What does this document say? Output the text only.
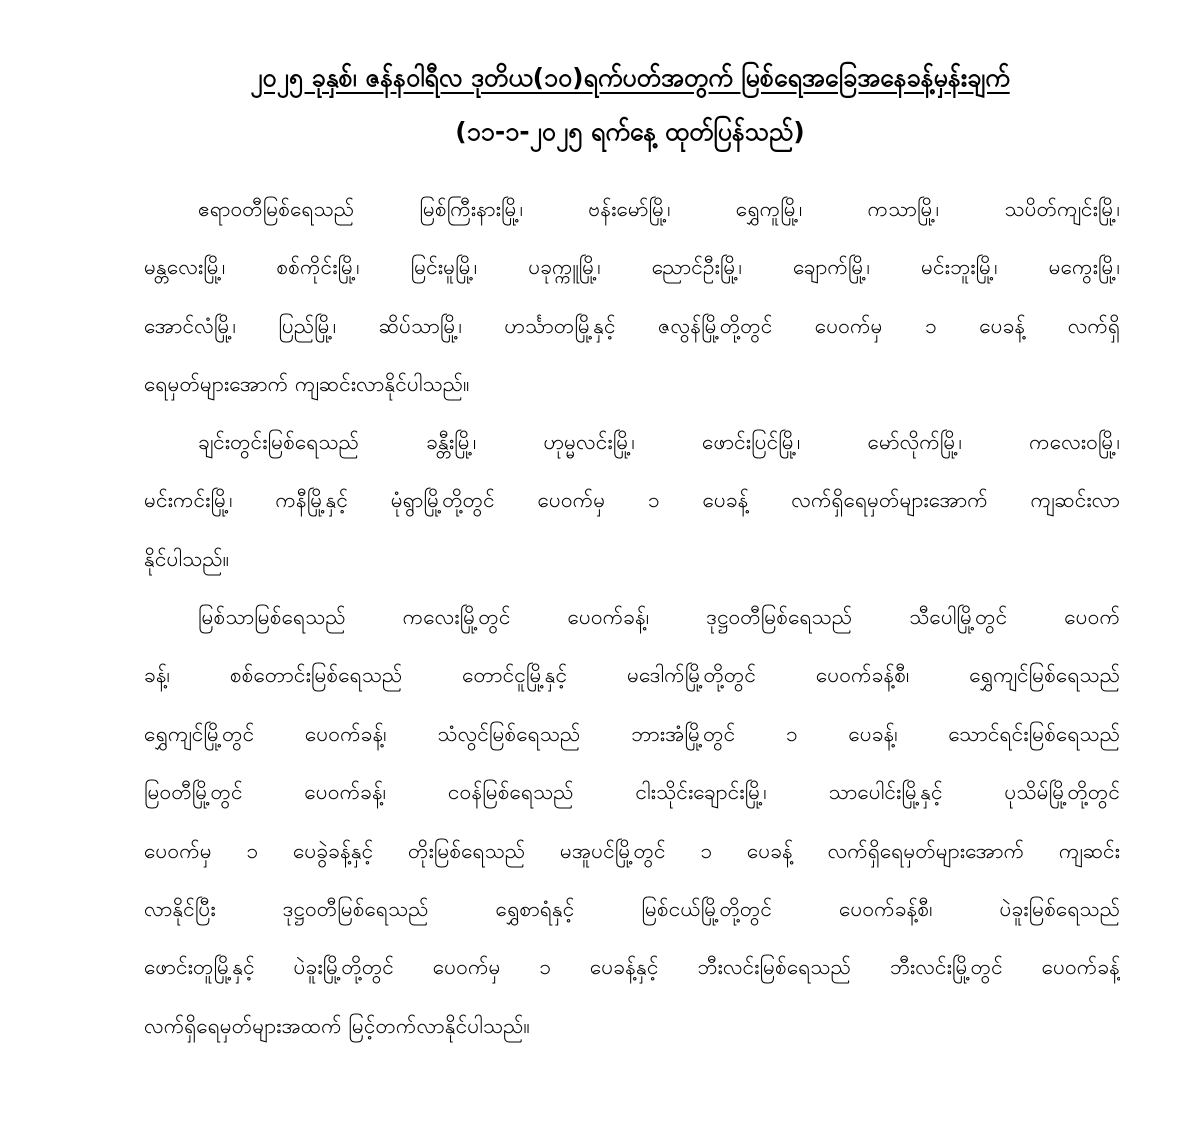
၂၀၂၅ ခုနှစ်၊ ဇန်နဝါရီလ ဒုတိယ(၁၀)ရက်ပတ်အတွက် မြစ်ရေအခြေအနေခန့်မှန်းချက်
(၁၁-၁-၂၀၂၅ ရက်နေ့ ထုတ်ပြန်သည်)
ဧရာဝတီမြစ်ရေသည် မြစ်ကြီးနားမြို့၊ ဗန်းမော်မြို့၊ ရွှေကူမြို့၊ ကသာမြို့၊ သပိတ်ကျင်းမြို့၊
မန္တလေးမြို့၊ စစ်ကိုင်းမြို့၊ မြင်းမူမြို့၊ ပခုက္ကူမြို့၊ ညောင်ဦးမြို့၊ ချောက်မြို့၊ မင်းဘူးမြို့၊ မကွေးမြို့၊
အောင်လံမြို့၊ ပြည်မြို့၊ ဆိပ်သာမြို့၊ ဟင်္သာတမြို့နှင့် ဇလွန်မြို့တို့တွင် ပေ၀က်မှ ၁ ပေခန့် လက်ရှိ
ရေမှတ်များအောက် ကျဆင်းလာနိုင်ပါသည်။
ချင်းတွင်းမြစ်ရေသည် ခန္တီးမြို့၊ ဟုမ္မလင်းမြို့၊ ဖောင်းပြင်မြို့၊ မော်လိုက်မြို့၊ ကလေးဝမြို့၊
မင်းကင်းမြို့၊ ကနီမြို့နှင့် မုံရွာမြို့တို့တွင် ပေ၀က်မှ ၁ ပေခန့် လက်ရှိရေမှတ်များအောက် ကျဆင်းလာ
နိုင်ပါသည်။
မြစ်သာမြစ်ရေသည် ကလေးမြို့တွင် ပေ၀က်ခန့်၊ ဒုဋ္ဌဝတီမြစ်ရေသည် သီပေါမြို့တွင် ပေ၀က်
ခန့်၊ စစ်တောင်းမြစ်ရေသည် တောင်ငူမြို့နှင့် မဒေါက်မြို့တို့တွင် ပေ၀က်ခန့်စီ၊ ရွှေကျင်မြစ်ရေသည်
ရွှေကျင်မြို့တွင် ပေ၀က်ခန့်၊ သံလွင်မြစ်ရေသည် ဘားအံမြို့တွင် ၁ ပေခန့်၊ သောင်ရင်းမြစ်ရေသည်
မြဝတီမြို့တွင် ပေ၀က်ခန့်၊ ငဝန်မြစ်ရေသည် ငါးသိုင်းချောင်းမြို့၊ သာပေါင်းမြို့နှင့် ပုသိမ်မြို့တို့တွင်
ပေ၀က်မှ ၁ ပေခွဲခန့်နှင့် တိုးမြစ်ရေသည် မအူပင်မြို့တွင် ၁ ပေခန့် လက်ရှိရေမှတ်များအောက် ကျဆင်း
လာနိုင်ပြီး ဒုဋ္ဌဝတီမြစ်ရေသည် ရွှေစာရံနှင့် မြစ်ငယ်မြို့တို့တွင် ပေ၀က်ခန့်စီ၊ ပဲခူးမြစ်ရေသည်
ဖောင်းတူမြို့နှင့် ပဲခူးမြို့တို့တွင် ပေ၀က်မှ ၁ ပေခန့်နှင့် ဘီးလင်းမြစ်ရေသည် ဘီးလင်းမြို့တွင် ပေ၀က်ခန့်
လက်ရှိရေမှတ်များအထက် မြင့်တက်လာနိုင်ပါသည်။
